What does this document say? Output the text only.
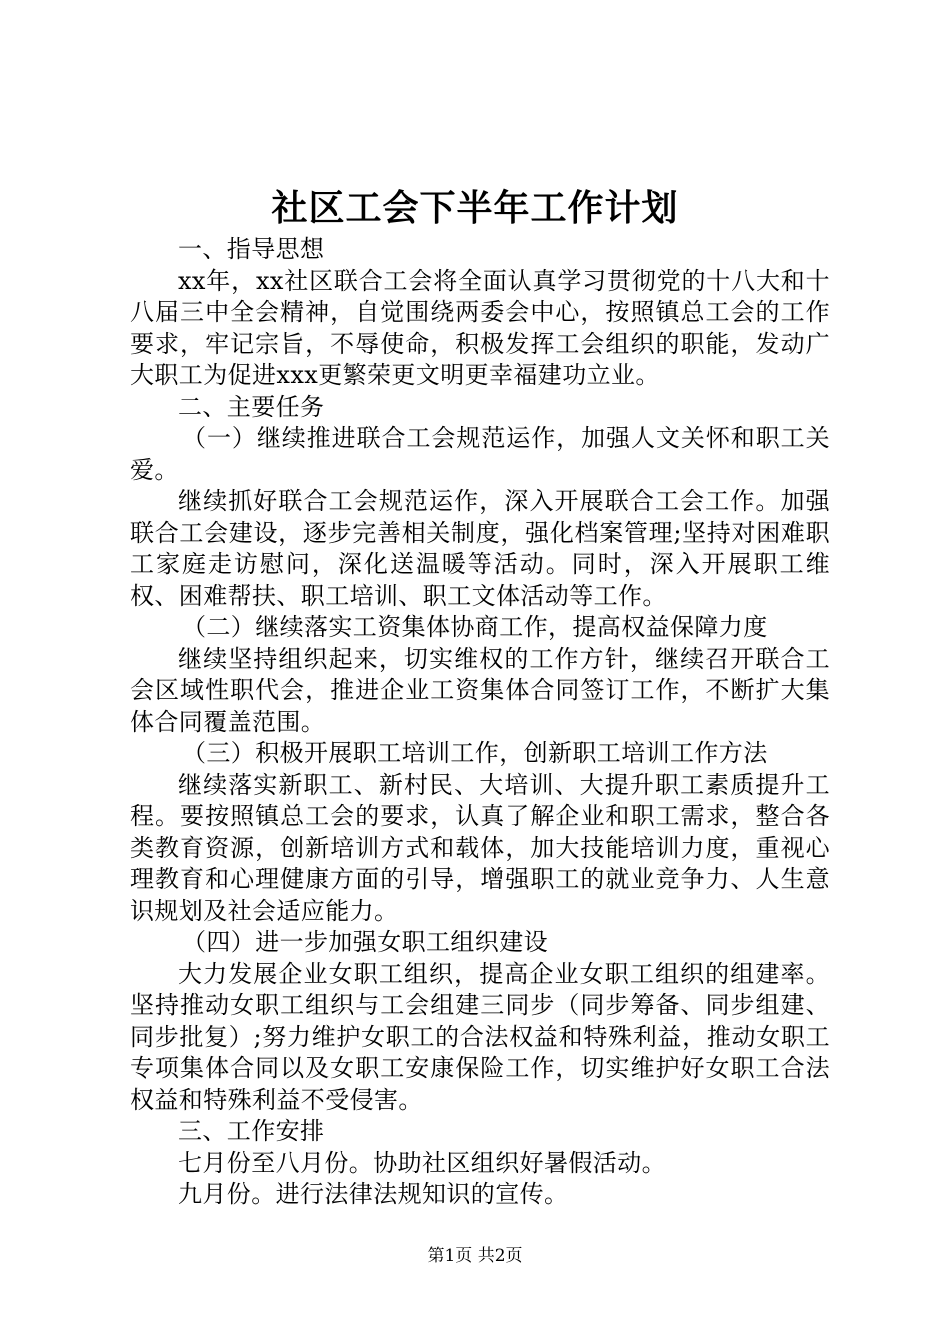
社区工会下半年工作计划

一、指导思想

xx年，xx社区联合工会将全面认真学习贯彻党的十八大和十八届三中全会精神，自觉围绕两委会中心，按照镇总工会的工作要求，牢记宗旨，不辱使命，积极发挥工会组织的职能，发动广大职工为促进xxx更繁荣更文明更幸福建功立业。

二、主要任务

（一）继续推进联合工会规范运作，加强人文关怀和职工关爱。

继续抓好联合工会规范运作，深入开展联合工会工作。加强联合工会建设，逐步完善相关制度，强化档案管理;坚持对困难职工家庭走访慰问，深化送温暖等活动。同时，深入开展职工维权、困难帮扶、职工培训、职工文体活动等工作。

（二）继续落实工资集体协商工作，提高权益保障力度

继续坚持组织起来，切实维权的工作方针，继续召开联合工会区域性职代会，推进企业工资集体合同签订工作，不断扩大集体合同覆盖范围。

（三）积极开展职工培训工作，创新职工培训工作方法

继续落实新职工、新村民、大培训、大提升职工素质提升工程。要按照镇总工会的要求，认真了解企业和职工需求，整合各类教育资源，创新培训方式和载体，加大技能培训力度，重视心理教育和心理健康方面的引导，增强职工的就业竞争力、人生意识规划及社会适应能力。

（四）进一步加强女职工组织建设

大力发展企业女职工组织，提高企业女职工组织的组建率。坚持推动女职工组织与工会组建三同步（同步筹备、同步组建、同步批复）;努力维护女职工的合法权益和特殊利益，推动女职工专项集体合同以及女职工安康保险工作，切实维护好女职工合法权益和特殊利益不受侵害。

三、工作安排

七月份至八月份。协助社区组织好暑假活动。

九月份。进行法律法规知识的宣传。

第1页 共2页
